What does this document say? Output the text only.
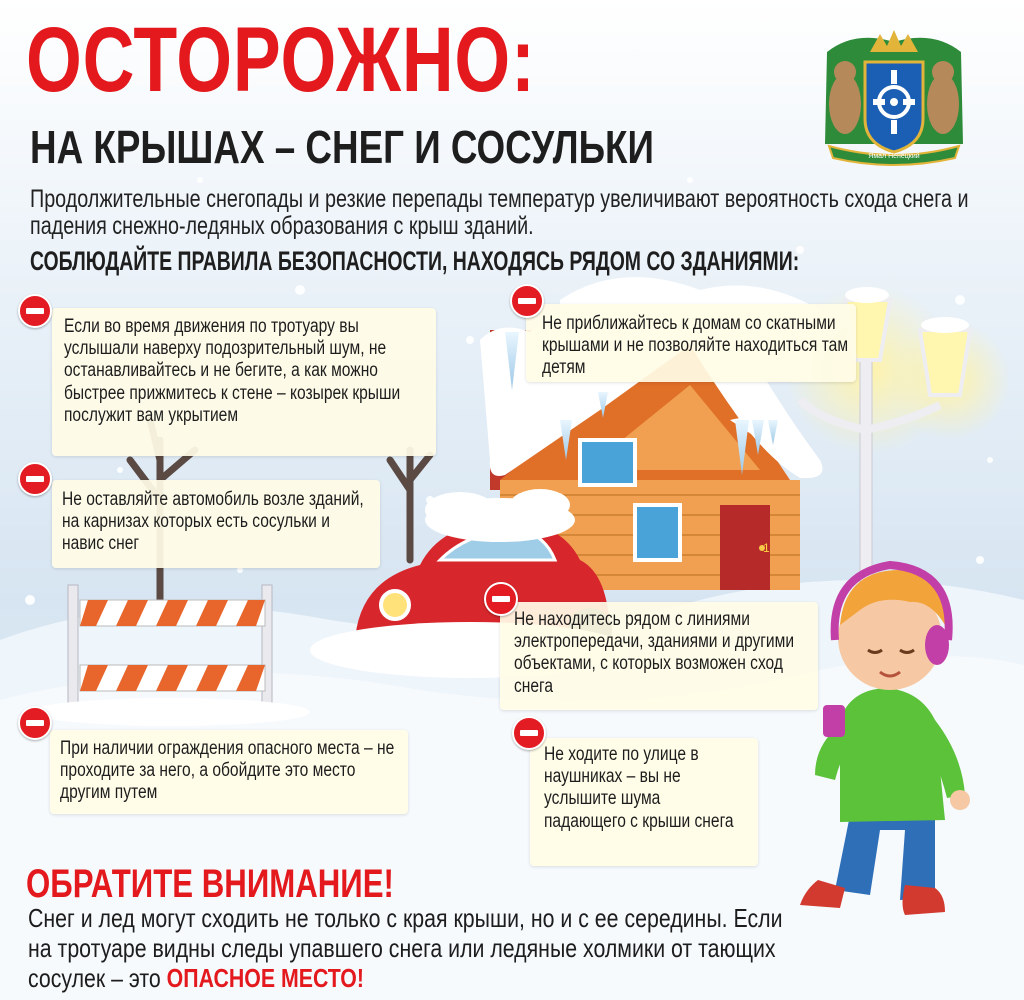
1
ОСТОРОЖНО:
НА КРЫШАХ – СНЕГ И СОСУЛЬКИ

Продолжительные снегопады и резкие перепады температур увеличивают вероятность схода снега и падения снежно-ледяных образования с крыш зданий.

СОБЛЮДАЙТЕ ПРАВИЛА БЕЗОПАСНОСТИ, НАХОДЯСЬ РЯДОМ СО ЗДАНИЯМИ:

Ямал Ненецкий

Если во время движения по тротуару вы услышали наверху подозрительный шум, не останавливайтесь и не бегите, а как можно быстрее прижмитесь к стене – козырек крыши послужит вам укрытием

Не приближайтесь к домам со скатными крышами и не позволяйте находиться там детям

Не оставляйте автомобиль возле зданий, на карнизах которых есть сосульки и навис снег

Не находитесь рядом с линиями электропередачи, зданиями и другими объектами, с которых возможен сход снега

При наличии ограждения опасного места – не проходите за него, а обойдите это место другим путем

Не ходите по улице в наушниках – вы не услышите шума падающего с крыши снега

ОБРАТИТЕ ВНИМАНИЕ!

Снег и лед могут сходить не только с края крыши, но и с ее середины. Если на тротуаре видны следы упавшего снега или ледяные холмики от тающих сосулек – это ОПАСНОЕ МЕСТО!
